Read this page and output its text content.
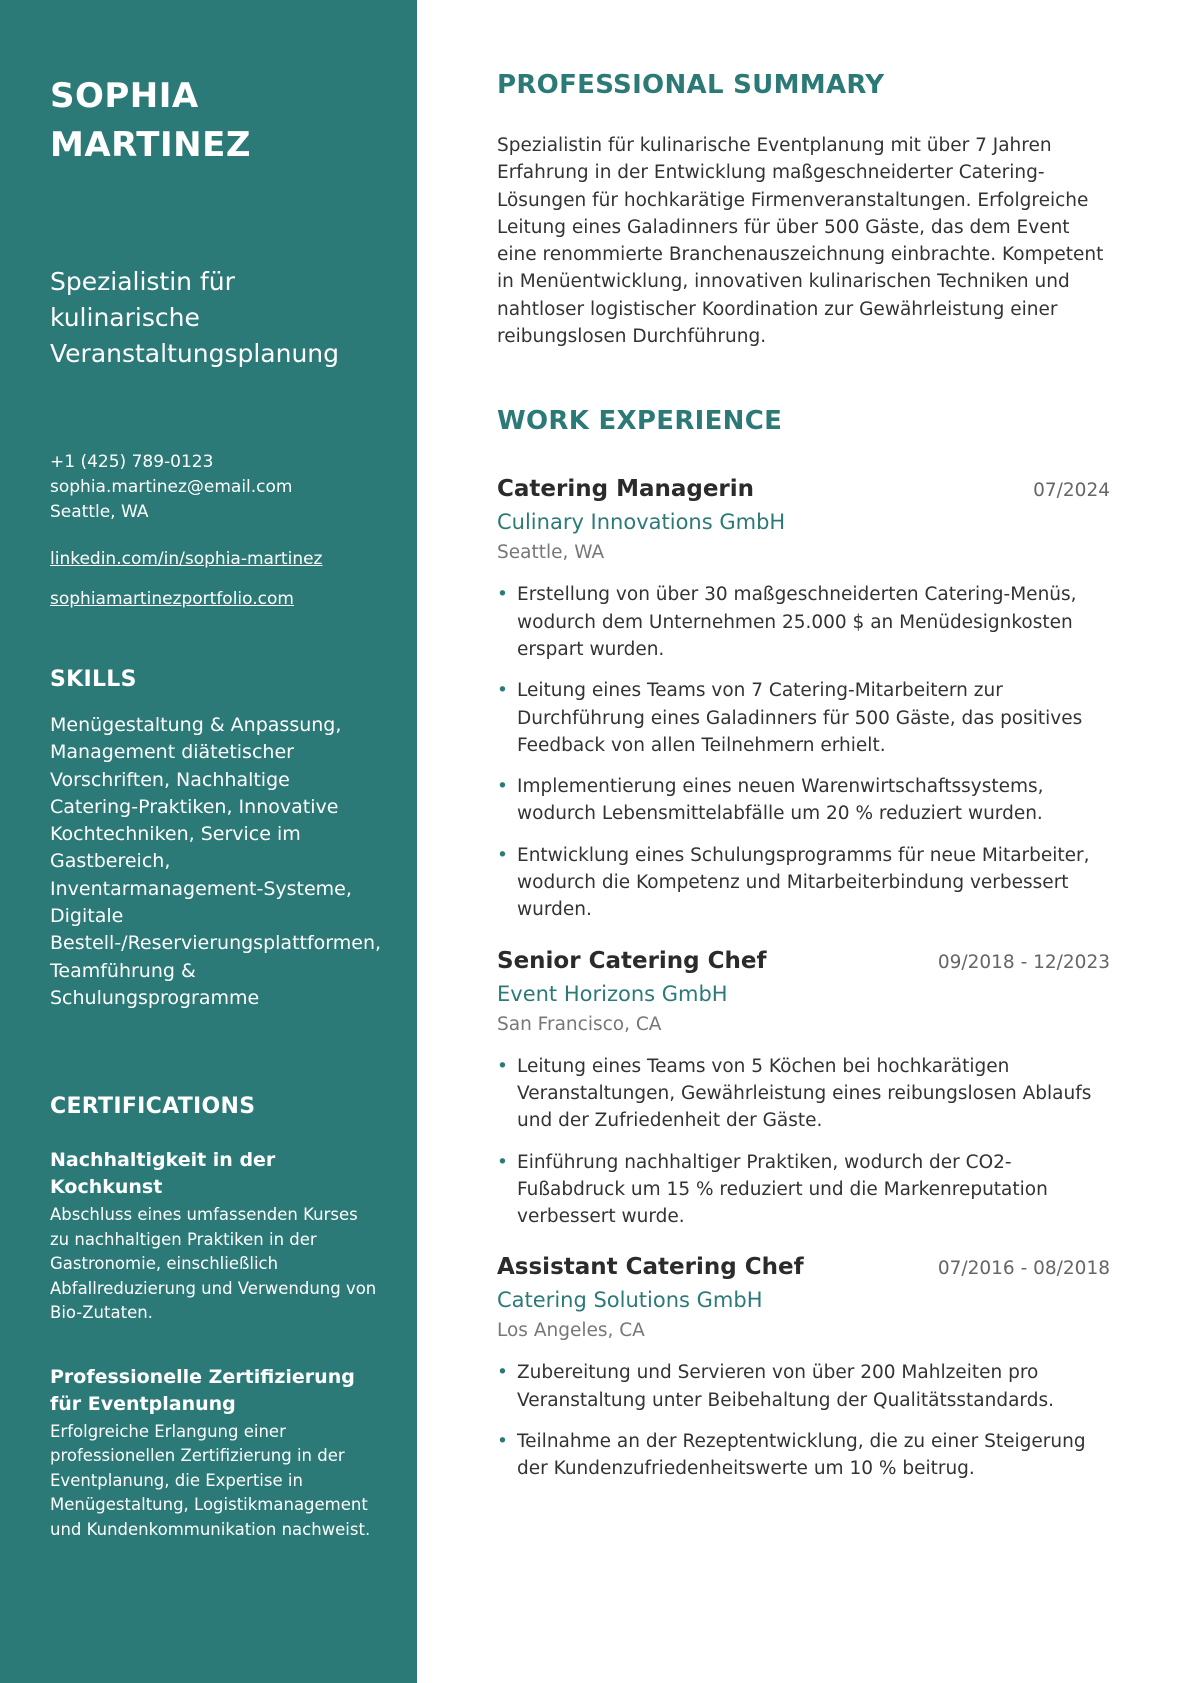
SOPHIA
MARTINEZ
Spezialistin für kulinarische Veranstaltungsplanung
+1 (425) 789-0123
sophia.martinez@email.com
Seattle, WA
linkedin.com/in/sophia-martinez
sophiamartinezportfolio.com
SKILLS
Menügestaltung & Anpassung, Management diätetischer Vorschriften, Nachhaltige Catering-Praktiken, Innovative Kochtechniken, Service im Gastbereich, Inventarmanagement-Systeme, Digitale Bestell-/Reservierungsplattformen, Teamführung & Schulungsprogramme
CERTIFICATIONS
Nachhaltigkeit in der Kochkunst
Abschluss eines umfassenden Kurses zu nachhaltigen Praktiken in der Gastronomie, einschließlich Abfallreduzierung und Verwendung von Bio-Zutaten.
Professionelle Zertifizierung für Eventplanung
Erfolgreiche Erlangung einer professionellen Zertifizierung in der Eventplanung, die Expertise in Menügestaltung, Logistikmanagement und Kundenkommunikation nachweist.
PROFESSIONAL SUMMARY

Spezialistin für kulinarische Eventplanung mit über 7 Jahren Erfahrung in der Entwicklung maßgeschneiderter Catering-Lösungen für hochkarätige Firmenveranstaltungen. Erfolgreiche Leitung eines Galadinners für über 500 Gäste, das dem Event eine renommierte Branchenauszeichnung einbrachte. Kompetent in Menüentwicklung, innovativen kulinarischen Techniken und nahtloser logistischer Koordination zur Gewährleistung einer reibungslosen Durchführung.

WORK EXPERIENCE
Catering Managerin	07/2024
Culinary Innovations GmbH
Seattle, WA
• Erstellung von über 30 maßgeschneiderten Catering-Menüs, wodurch dem Unternehmen 25.000 $ an Menüdesignkosten erspart wurden.
• Leitung eines Teams von 7 Catering-Mitarbeitern zur Durchführung eines Galadinners für 500 Gäste, das positives Feedback von allen Teilnehmern erhielt.
• Implementierung eines neuen Warenwirtschaftssystems, wodurch Lebensmittelabfälle um 20 % reduziert wurden.
• Entwicklung eines Schulungsprogramms für neue Mitarbeiter, wodurch die Kompetenz und Mitarbeiterbindung verbessert wurden.
Senior Catering Chef	09/2018 - 12/2023
Event Horizons GmbH
San Francisco, CA
• Leitung eines Teams von 5 Köchen bei hochkarätigen Veranstaltungen, Gewährleistung eines reibungslosen Ablaufs und der Zufriedenheit der Gäste.
• Einführung nachhaltiger Praktiken, wodurch der CO2-Fußabdruck um 15 % reduziert und die Markenreputation verbessert wurde.
Assistant Catering Chef	07/2016 - 08/2018
Catering Solutions GmbH
Los Angeles, CA
• Zubereitung und Servieren von über 200 Mahlzeiten pro Veranstaltung unter Beibehaltung der Qualitätsstandards.
• Teilnahme an der Rezeptentwicklung, die zu einer Steigerung der Kundenzufriedenheitswerte um 10 % beitrug.
